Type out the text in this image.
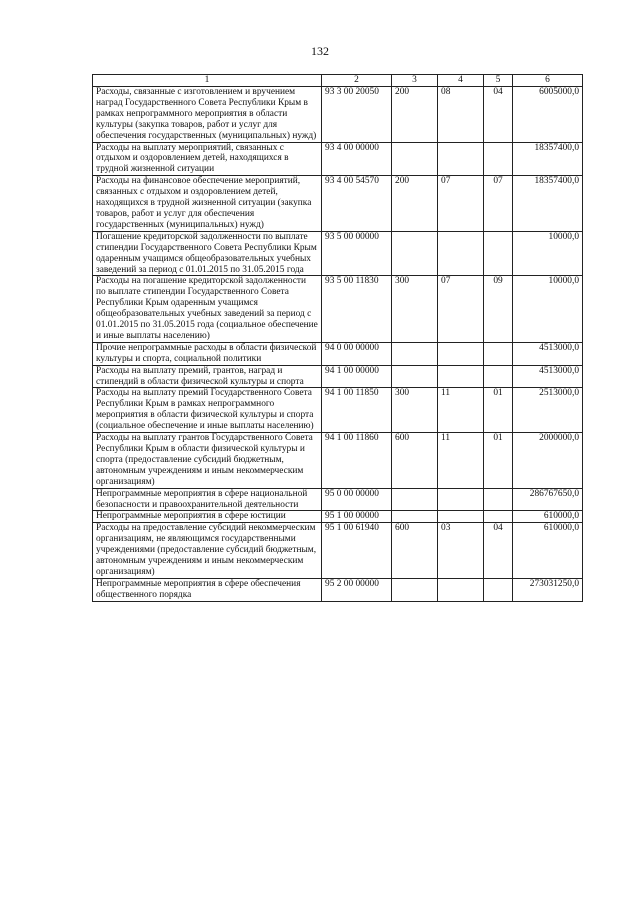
132
1	2	3	4	5	6
Расходы, связанные с изготовлением и вручением наград Государственного Совета Республики Крым в рамках непрограммного мероприятия в области культуры (закупка товаров, работ и услуг для обеспечения государственных (муниципальных) нужд)	93 3 00 20050	200	08	04	6005000,0
Расходы на выплату мероприятий, связанных с отдыхом и оздоровлением детей, находящихся в трудной жизненной ситуации	93 4 00 00000				18357400,0
Расходы на финансовое обеспечение мероприятий, связанных с отдыхом и оздоровлением детей, находящихся в трудной жизненной ситуации (закупка товаров, работ и услуг для обеспечения государственных (муниципальных) нужд)	93 4 00 54570	200	07	07	18357400,0
Погашение кредиторской задолженности по выплате стипендии Государственного Совета Республики Крым одаренным учащимся общеобразовательных учебных заведений за период с 01.01.2015 по 31.05.2015 года	93 5 00 00000				10000,0
Расходы на погашение кредиторской задолженности по выплате стипендии Государственного Совета Республики Крым одаренным учащимся общеобразовательных учебных заведений за период с 01.01.2015 по 31.05.2015 года (социальное обеспечение и иные выплаты населению)	93 5 00 11830	300	07	09	10000,0
Прочие непрограммные расходы в области физической культуры и спорта, социальной политики	94 0 00 00000				4513000,0
Расходы на выплату премий, грантов, наград и стипендий в области физической культуры и спорта	94 1 00 00000				4513000,0
Расходы на выплату премий Государственного Совета Республики Крым в рамках непрограммного мероприятия в области физической культуры и спорта (социальное обеспечение и иные выплаты населению)	94 1 00 11850	300	11	01	2513000,0
Расходы на выплату грантов Государственного Совета Республики Крым в области физической культуры и спорта (предоставление субсидий бюджетным, автономным учреждениям и иным некоммерческим организациям)	94 1 00 11860	600	11	01	2000000,0
Непрограммные мероприятия в сфере национальной безопасности и правоохранительной деятельности	95 0 00 00000				286767650,0
Непрограммные мероприятия в сфере юстиции	95 1 00 00000				610000,0
Расходы на предоставление субсидий некоммерческим организациям, не являющимся государственными учреждениями (предоставление субсидий бюджетным, автономным учреждениям и иным некоммерческим организациям)	95 1 00 61940	600	03	04	610000,0
Непрограммные мероприятия в сфере обеспечения общественного порядка	95 2 00 00000				273031250,0
